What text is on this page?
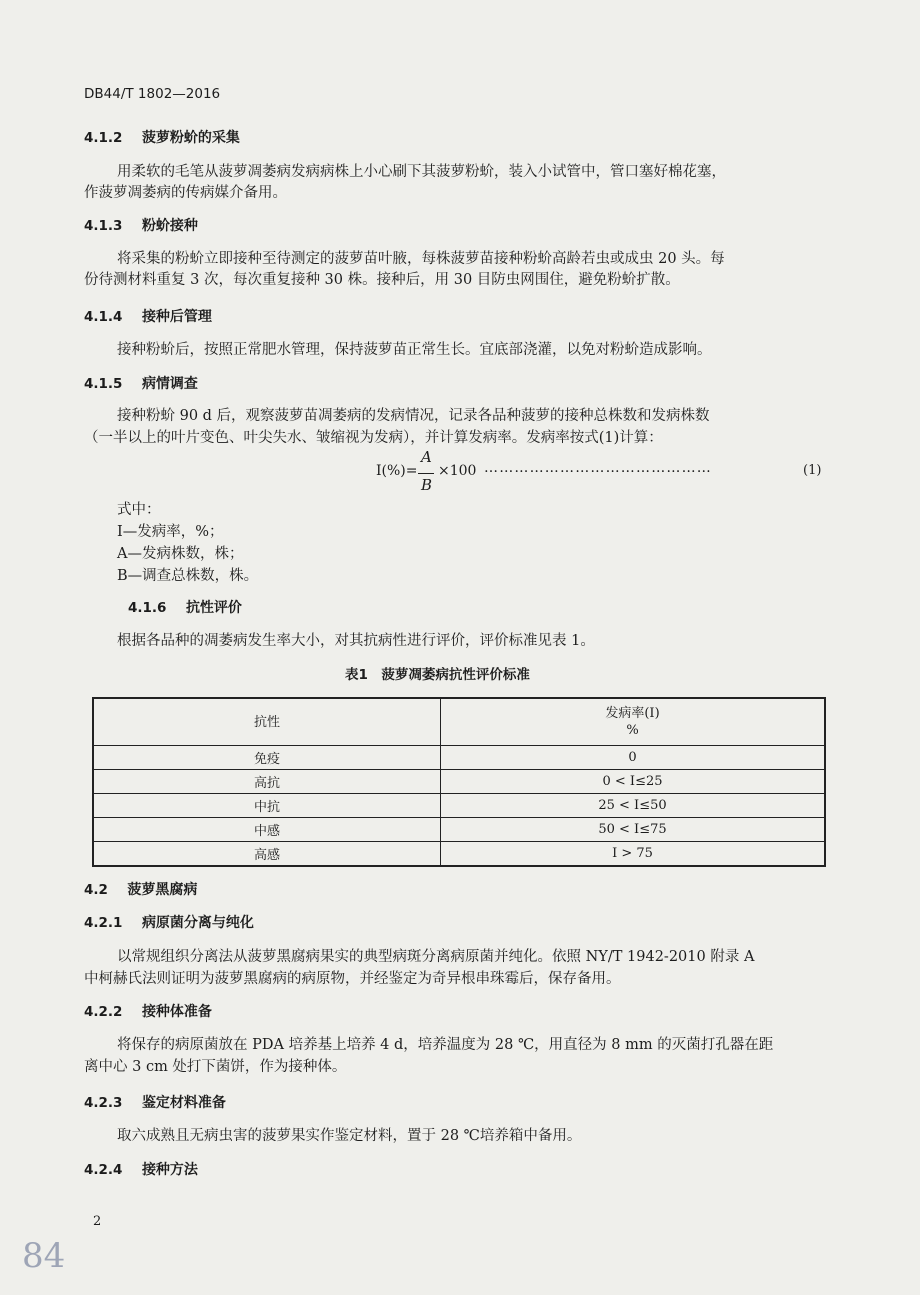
DB44/T 1802—2016
4.1.2 菠萝粉蚧的采集
用柔软的毛笔从菠萝凋萎病发病病株上小心刷下其菠萝粉蚧，装入小试管中，管口塞好棉花塞，
作菠萝凋萎病的传病媒介备用。
4.1.3 粉蚧接种
将采集的粉蚧立即接种至待测定的菠萝苗叶腋，每株菠萝苗接种粉蚧高龄若虫或成虫 20 头。每
份待测材料重复 3 次，每次重复接种 30 株。接种后，用 30 目防虫网围住，避免粉蚧扩散。
4.1.4 接种后管理
接种粉蚧后，按照正常肥水管理，保持菠萝苗正常生长。宜底部浇灌，以免对粉蚧造成影响。
4.1.5 病情调查
接种粉蚧 90 d 后，观察菠萝苗凋萎病的发病情况，记录各品种菠萝的接种总株数和发病株数
（一半以上的叶片变色、叶尖失水、皱缩视为发病），并计算发病率。发病率按式(1)计算：
I(%)=
A
B
×100 ………………………………………	(1)
式中：
I—发病率，%；
A—发病株数，株；
B—调查总株数，株。
4.1.6 抗性评价
根据各品种的凋萎病发生率大小，对其抗病性进行评价，评价标准见表 1。
表1　菠萝凋萎病抗性评价标准
抗性	发病率(I)
%

免疫	0
高抗	0 < I≤25
中抗	25 < I≤50
中感	50 < I≤75
高感	I > 75
4.2 菠萝黑腐病
4.2.1 病原菌分离与纯化
以常规组织分离法从菠萝黑腐病果实的典型病斑分离病原菌并纯化。依照 NY/T 1942-2010 附录 A
中柯赫氏法则证明为菠萝黑腐病的病原物，并经鉴定为奇异根串珠霉后，保存备用。
4.2.2 接种体准备
将保存的病原菌放在 PDA 培养基上培养 4 d，培养温度为 28 ℃，用直径为 8 mm 的灭菌打孔器在距
离中心 3 cm 处打下菌饼，作为接种体。
4.2.3 鉴定材料准备
取六成熟且无病虫害的菠萝果实作鉴定材料，置于 28 ℃培养箱中备用。
4.2.4 接种方法
2
84
